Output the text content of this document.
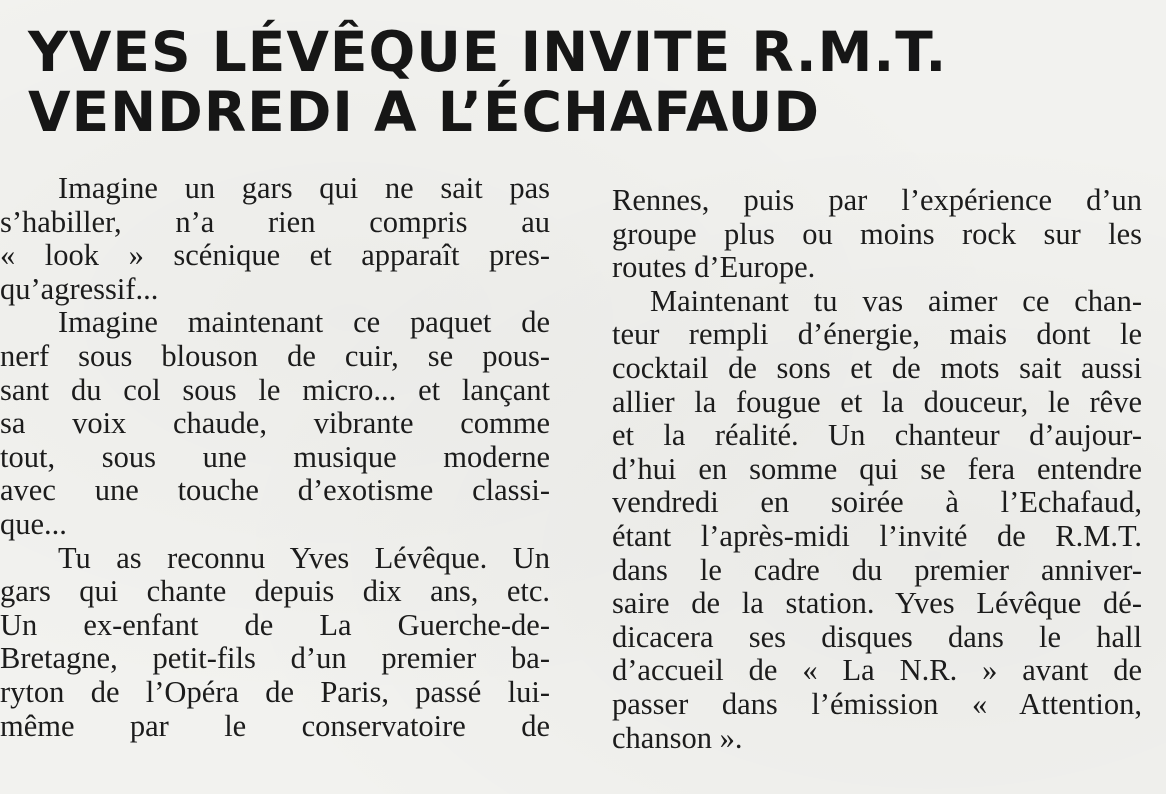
YVES LÉVÊQUE INVITE R.M.T.
VENDREDI A L’ÉCHAFAUD
Imagine un gars qui ne sait pas
s’habiller, n’a rien compris au
« look » scénique et apparaît pres-
qu’agressif...
Imagine maintenant ce paquet de
nerf sous blouson de cuir, se pous-
sant du col sous le micro... et lançant
sa voix chaude, vibrante comme
tout, sous une musique moderne
avec une touche d’exotisme classi-
que...
Tu as reconnu Yves Lévêque. Un
gars qui chante depuis dix ans, etc.
Un ex-enfant de La Guerche-de-
Bretagne, petit-fils d’un premier ba-
ryton de l’Opéra de Paris, passé lui-
même par le conservatoire de
Rennes, puis par l’expérience d’un
groupe plus ou moins rock sur les
routes d’Europe.
Maintenant tu vas aimer ce chan-
teur rempli d’énergie, mais dont le
cocktail de sons et de mots sait aussi
allier la fougue et la douceur, le rêve
et la réalité. Un chanteur d’aujour-
d’hui en somme qui se fera entendre
vendredi en soirée à l’Echafaud,
étant l’après-midi l’invité de R.M.T.
dans le cadre du premier anniver-
saire de la station. Yves Lévêque dé-
dicacera ses disques dans le hall
d’accueil de « La N.R. » avant de
passer dans l’émission « Attention,
chanson ».
